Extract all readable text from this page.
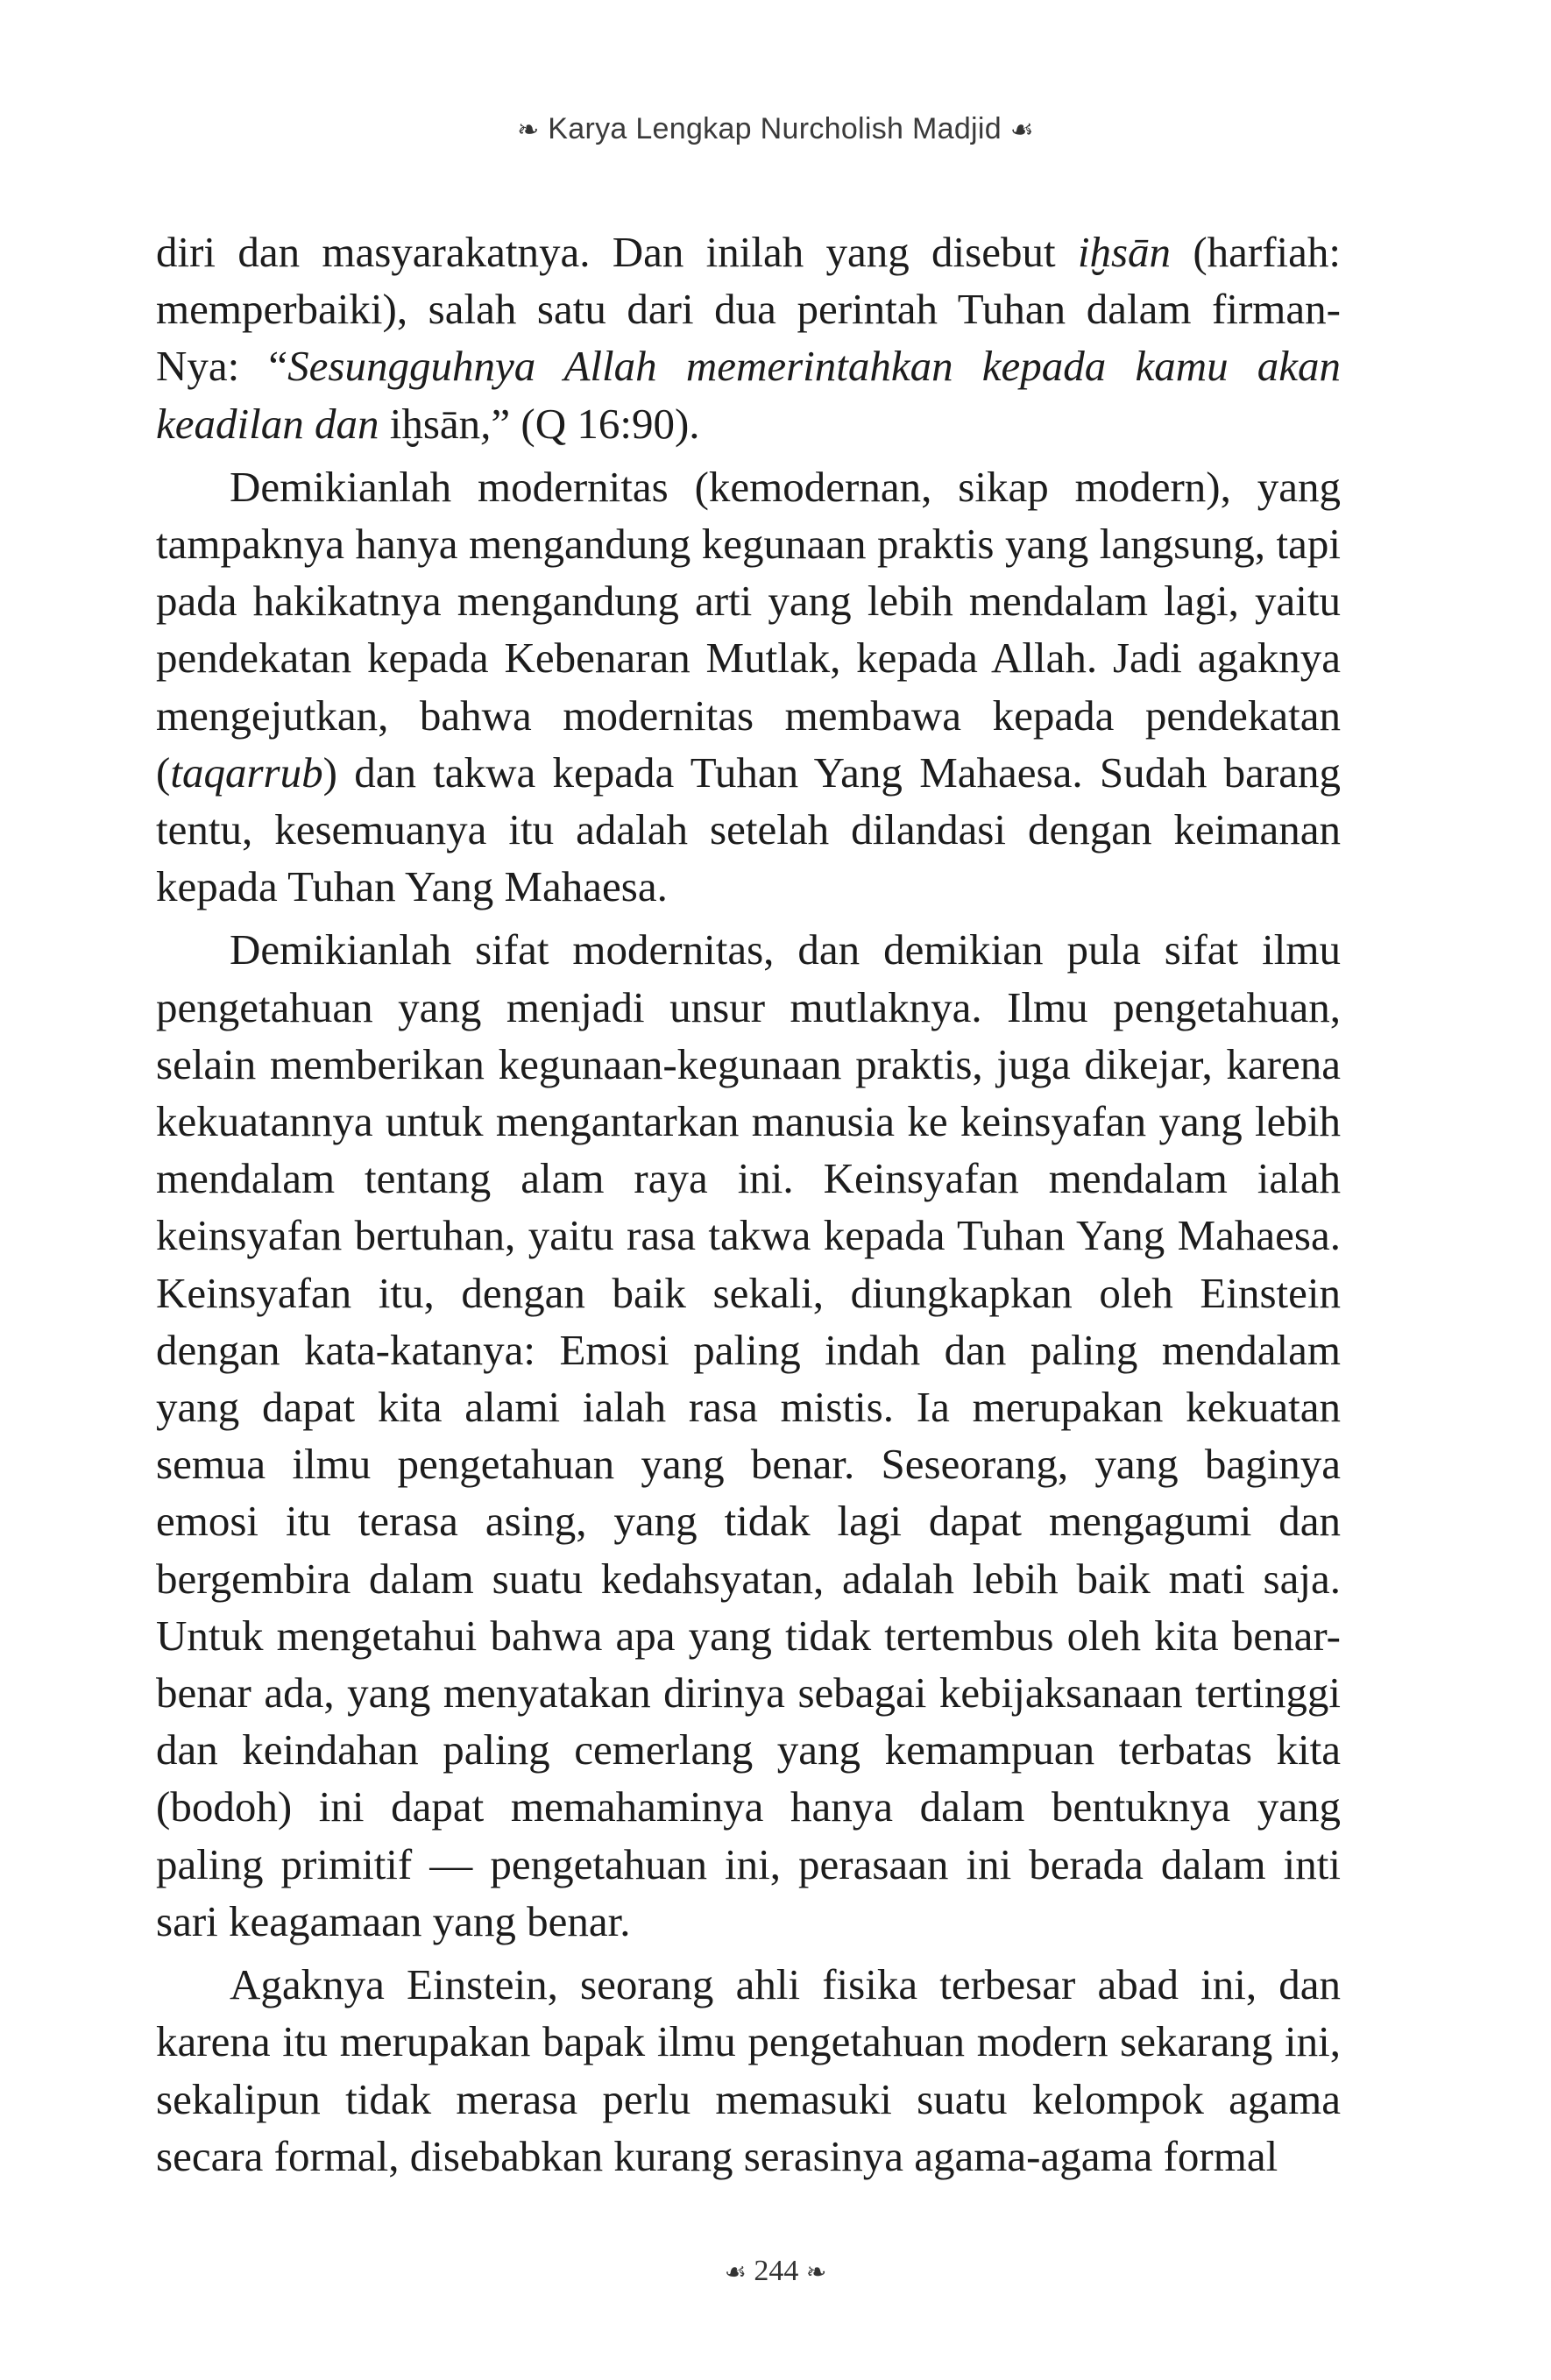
❧ Karya Lengkap Nurcholish Madjid ☙

diri dan masyarakatnya. Dan inilah yang disebut iḫsān (harfiah: memperbaiki), salah satu dari dua perintah Tuhan dalam firman-Nya: “Sesungguhnya Allah memerintahkan kepada kamu akan keadilan dan iḫsān,” (Q 16:90).

Demikianlah modernitas (kemodernan, sikap modern), yang tampaknya hanya mengandung kegunaan praktis yang langsung, tapi pada hakikatnya mengandung arti yang lebih mendalam lagi, yaitu pendekatan kepada Kebenaran Mutlak, kepada Allah. Jadi agaknya mengejutkan, bahwa modernitas membawa kepada pendekatan (taqarrub) dan takwa kepada Tuhan Yang Mahaesa. Sudah barang tentu, kesemuanya itu adalah setelah dilandasi dengan keimanan kepada Tuhan Yang Mahaesa.

Demikianlah sifat modernitas, dan demikian pula sifat ilmu pengetahuan yang menjadi unsur mutlaknya. Ilmu pengetahuan, selain memberikan kegunaan-kegunaan praktis, juga dikejar, karena kekuatannya untuk mengantarkan manusia ke keinsyafan yang lebih mendalam tentang alam raya ini. Keinsyafan mendalam ialah keinsyafan bertuhan, yaitu rasa takwa kepada Tuhan Yang Mahaesa. Keinsyafan itu, dengan baik sekali, diungkapkan oleh Einstein dengan kata-katanya: Emosi paling indah dan paling mendalam yang dapat kita alami ialah rasa mistis. Ia merupakan kekuatan semua ilmu pengetahuan yang benar. Seseorang, yang baginya emosi itu terasa asing, yang tidak lagi dapat mengagumi dan bergembira dalam suatu kedahsyatan, adalah lebih baik mati saja. Untuk mengetahui bahwa apa yang tidak tertembus oleh kita benar-benar ada, yang menyatakan dirinya sebagai kebijaksanaan tertinggi dan keindahan paling cemerlang yang kemampuan terbatas kita (bodoh) ini dapat memahaminya hanya dalam bentuknya yang paling primitif — pengetahuan ini, perasaan ini berada dalam inti sari keagamaan yang benar.

Agaknya Einstein, seorang ahli fisika terbesar abad ini, dan karena itu merupakan bapak ilmu pengetahuan modern sekarang ini, sekalipun tidak merasa perlu memasuki suatu kelompok agama secara formal, disebabkan kurang serasinya agama-agama formal

☙ 244 ❧
